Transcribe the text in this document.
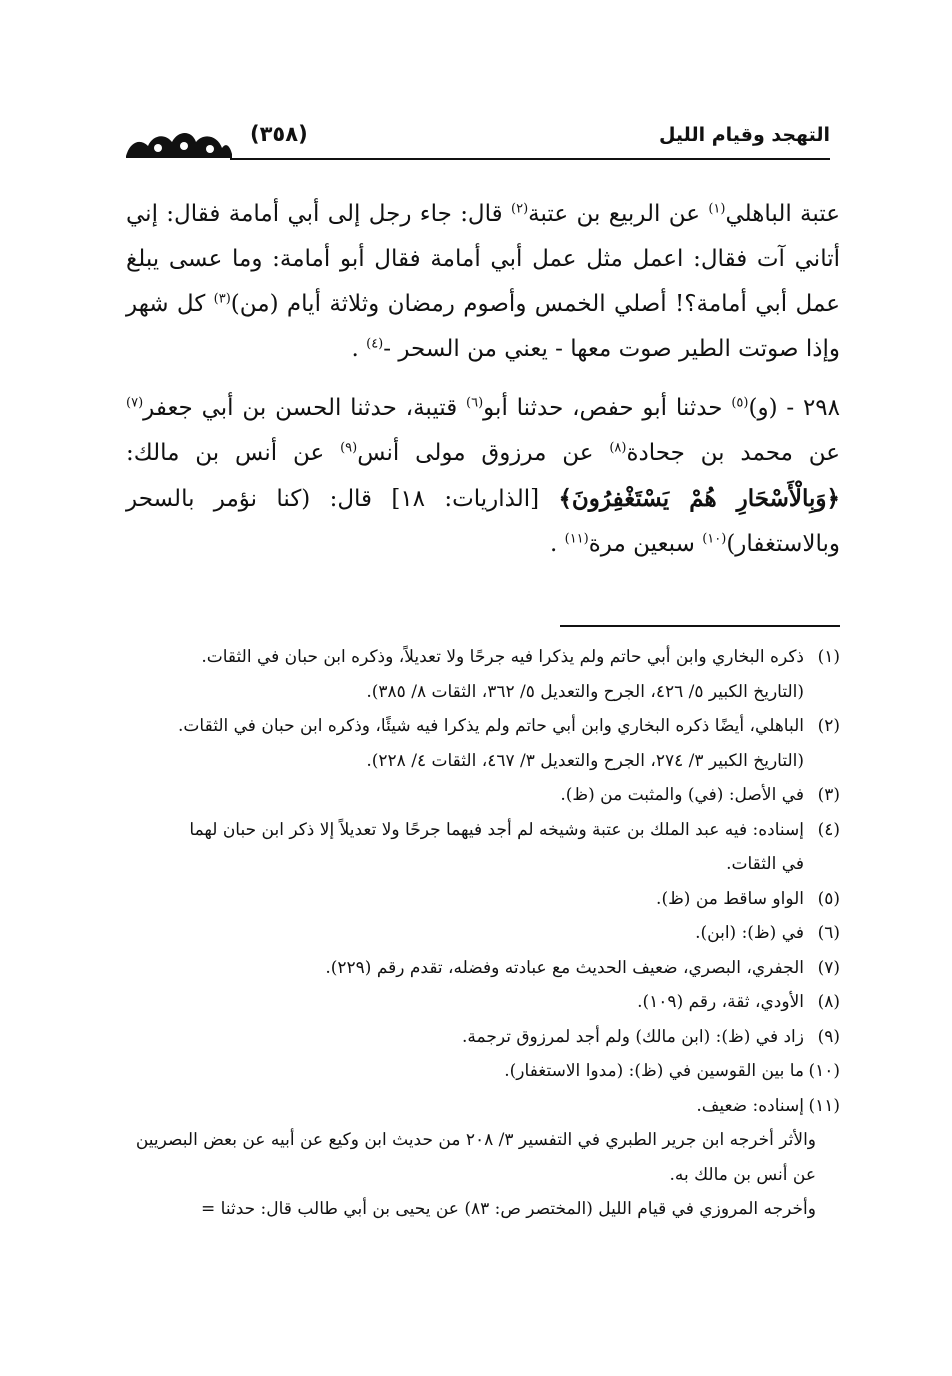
(٣٥٨)	التهجد وقيام الليل

عتبة الباهلي$^{(١)}$ عن الربيع بن عتبة$^{(٢)}$ قال: جاء رجل إلى أبي أمامة فقال: إني أتاني آت فقال: اعمل مثل عمل أبي أمامة فقال أبو أمامة: وما عسى يبلغ عمل أبي أمامة؟! أصلي الخمس وأصوم رمضان وثلاثة أيام (من)$^{(٣)}$ كل شهر وإذا صوتت الطير صوت معها - يعني من السحر -$^{(٤)}$ .

٢٩٨ - (و)$^{(٥)}$ حدثنا أبو حفص، حدثنا أبو$^{(٦)}$ قتيبة، حدثنا الحسن بن أبي جعفر$^{(٧)}$ عن محمد بن جحادة$^{(٨)}$ عن مرزوق مولى أنس$^{(٩)}$ عن أنس بن مالك: ﴿وَبِالْأَسْحَارِ هُمْ يَسْتَغْفِرُونَ﴾ [الذاريات: ١٨] قال: (كنا نؤمر بالسحر وبالاستغفار)$^{(١٠)}$ سبعين مرة$^{(١١)}$ .

(١)ذكره البخاري وابن أبي حاتم ولم يذكرا فيه جرحًا ولا تعديلاً، وذكره ابن حبان في الثقات.

(التاريخ الكبير ٥/ ٤٢٦، الجرح والتعديل ٥/ ٣٦٢، الثقات ٨/ ٣٨٥).

(٢)الباهلي، أيضًا ذكره البخاري وابن أبي حاتم ولم يذكرا فيه شيئًا، وذكره ابن حبان في الثقات.

(التاريخ الكبير ٣/ ٢٧٤، الجرح والتعديل ٣/ ٤٦٧، الثقات ٤/ ٢٢٨).

(٣)في الأصل: (في) والمثبت من (ظ).

(٤)إسناده: فيه عبد الملك بن عتبة وشيخه لم أجد فيهما جرحًا ولا تعديلاً إلا ذكر ابن حبان لهما

في الثقات.

(٥)الواو ساقط من (ظ).

(٦)في (ظ): (ابن).

(٧)الجفري، البصري، ضعيف الحديث مع عبادته وفضله، تقدم رقم (٢٢٩).

(٨)الأودي، ثقة، رقم (١٠٩).

(٩)زاد في (ظ): (ابن مالك) ولم أجد لمرزوق ترجمة.

(١٠)ما بين القوسين في (ظ): (مدوا الاستغفار).

(١١)إسناده: ضعيف.

والأثر أخرجه ابن جرير الطبري في التفسير ٣/ ٢٠٨ من حديث ابن وكيع عن أبيه عن بعض البصريين عن أنس بن مالك به.

وأخرجه المروزي في قيام الليل (المختصر ص: ٨٣) عن يحيى بن أبي طالب قال: حدثنا =
